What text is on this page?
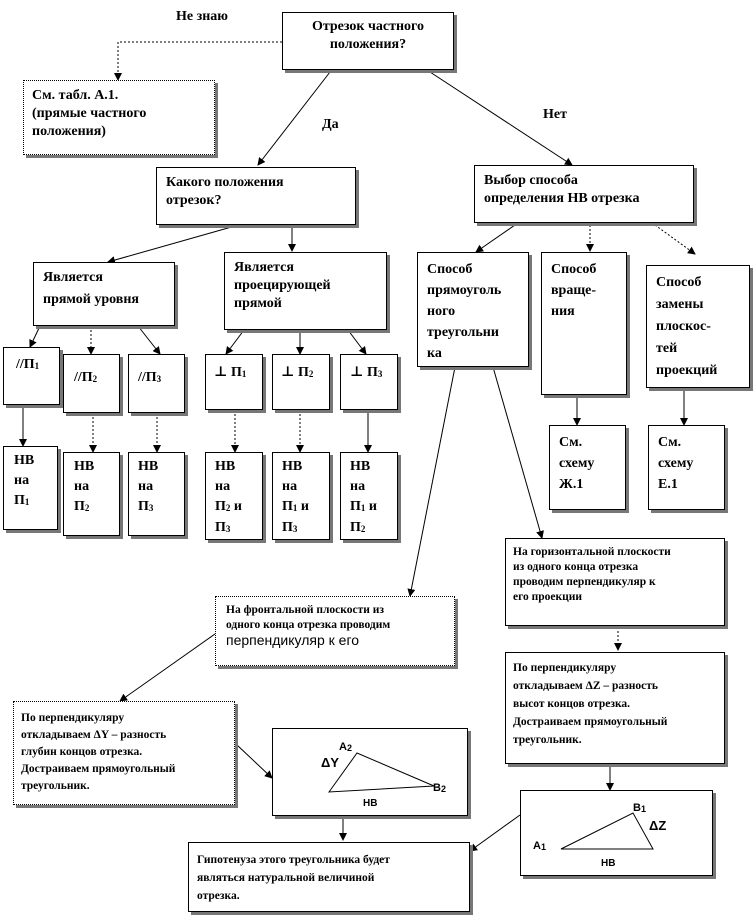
Не знаю
Да
Нет
Отрезок частного
положения?
См. табл. А.1.
(прямые частного
положения)
Какого положения
отрезок?
Выбор способа
определения НВ отрезка
Является
прямой уровня
Является
проецирующей
прямой
Способ
прямоуголь
ного
треугольни
ка
Способ
враще-
ния
Способ
замены
плоскос-
тей
проекций
//П1
//П2	//П3	⊥ П1	⊥ П2	⊥ П3
НВ
на
П1
НВ
на
П2
НВ
на
П3
НВ
на
П2 и
П3
НВ
на
П1 и
П3
НВ
на
П1 и
П2
См.
схему
Ж.1
См.
схему
Е.1
На горизонтальной плоскости
из одного конца отрезка
проводим перпендикуляр к
его проекции
На фронтальной плоскости из
одного конца отрезка проводим
перпендикуляр к его
По перпендикуляру
откладываем ΔZ – разность
высот концов отрезка.
Достраиваем прямоугольный
треугольник.
По перпендикуляру
откладываем ΔY – разность
глубин концов отрезка.
Достраиваем прямоугольный
треугольник.
A2
B2
ΔY
НВ	B1
A1
ΔZ
НВ
Гипотенуза этого треугольника будет
являться натуральной величиной
отрезка.
